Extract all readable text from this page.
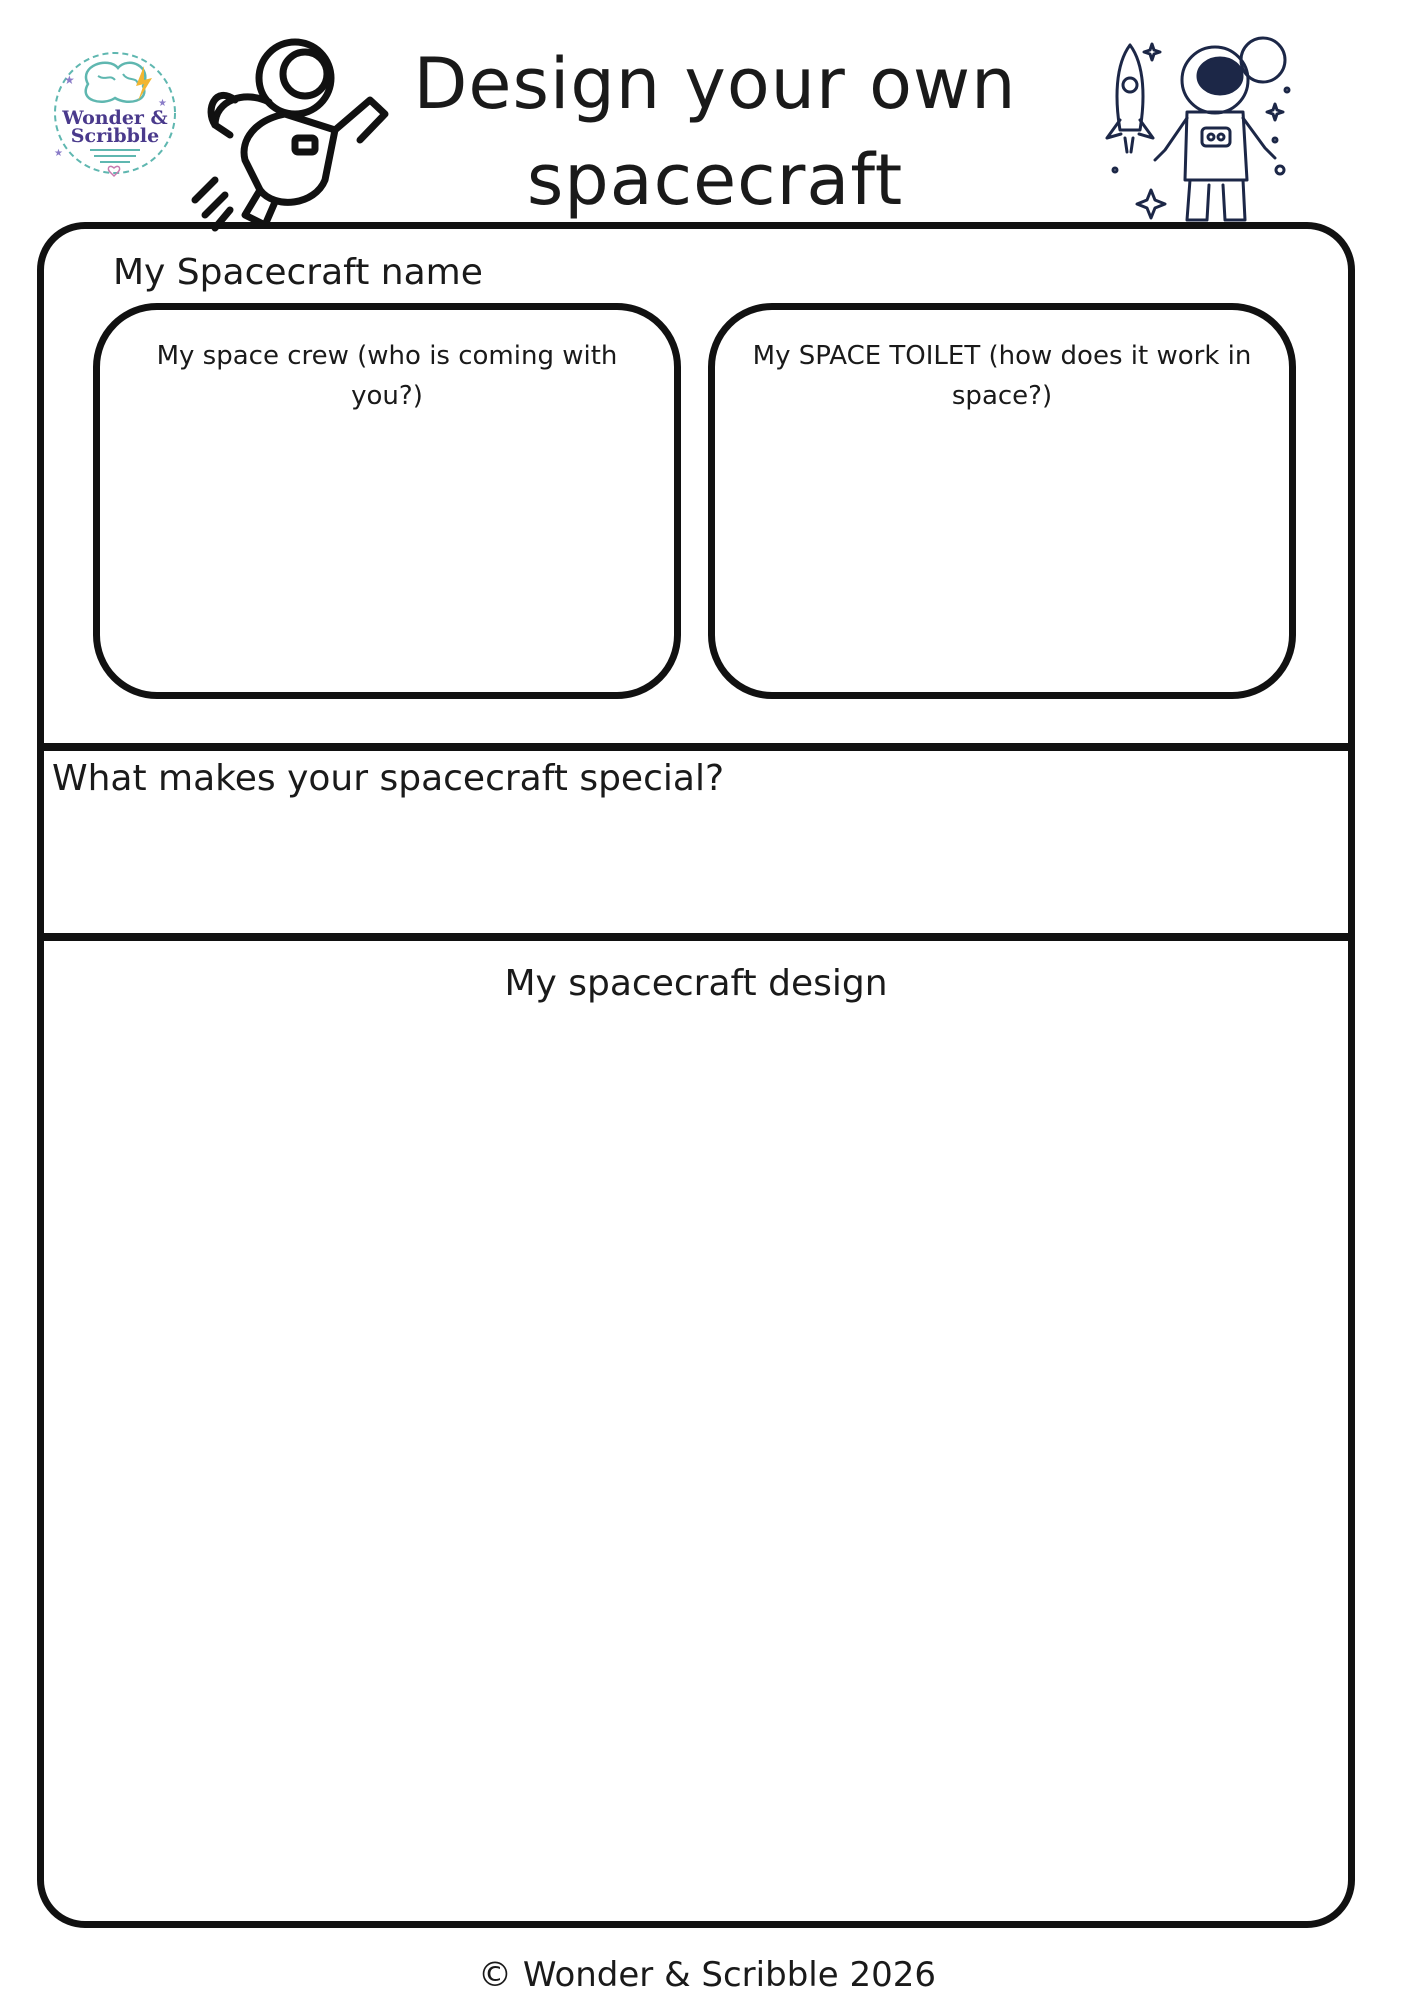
★
★
★
Wonder &
Scribble
Design your own
spacecraft
My Spacecraft name
My space crew (who is coming with you?)
My SPACE TOILET (how does it work in space?)
What makes your spacecraft special?
My spacecraft design
© Wonder & Scribble 2026
